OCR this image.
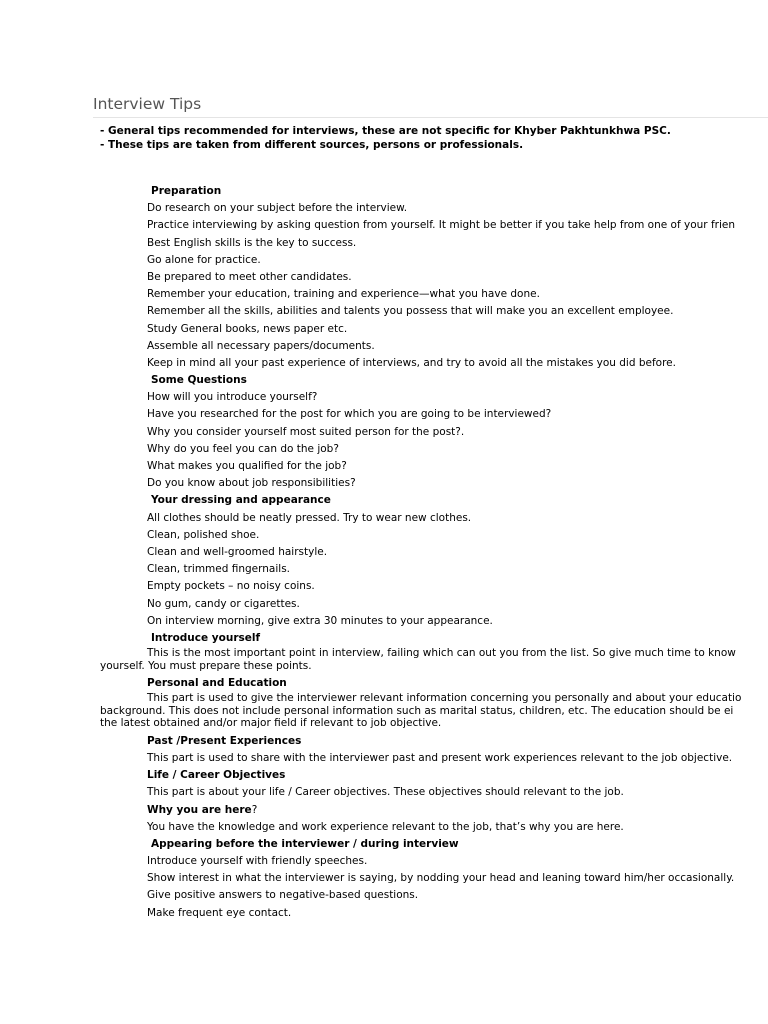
Interview Tips
- General tips recommended for interviews, these are not specific for Khyber Pakhtunkhwa PSC.
- These tips are taken from different sources, persons or professionals.
Preparation
Do research on your subject before the interview.
Practice interviewing by asking question from yourself. It might be better if you take help from one of your frien
Best English skills is the key to success.
Go alone for practice.
Be prepared to meet other candidates.
Remember your education, training and experience—what you have done.
Remember all the skills, abilities and talents you possess that will make you an excellent employee.
Study General books, news paper etc.
Assemble all necessary papers/documents.
Keep in mind all your past experience of interviews, and try to avoid all the mistakes you did before.
Some Questions
How will you introduce yourself?
Have you researched for the post for which you are going to be interviewed?
Why you consider yourself most suited person for the post?.
Why do you feel you can do the job?
What makes you qualified for the job?
Do you know about job responsibilities?
Your dressing and appearance
All clothes should be neatly pressed. Try to wear new clothes.
Clean, polished shoe.
Clean and well-groomed hairstyle.
Clean, trimmed fingernails.
Empty pockets – no noisy coins.
No gum, candy or cigarettes.
On interview morning, give extra 30 minutes to your appearance.
Introduce yourself
This is the most important point in interview, failing which can out you from the list. So give much time to know
yourself. You must prepare these points.
Personal and Education
This part is used to give the interviewer relevant information concerning you personally and about your educatio
background. This does not include personal information such as marital status, children, etc. The education should be ei
the latest obtained and/or major field if relevant to job objective.
Past /Present Experiences
This part is used to share with the interviewer past and present work experiences relevant to the job objective.
Life / Career Objectives
This part is about your life / Career objectives. These objectives should relevant to the job.
Why you are here?
You have the knowledge and work experience relevant to the job, that’s why you are here.
Appearing before the interviewer / during interview
Introduce yourself with friendly speeches.
Show interest in what the interviewer is saying, by nodding your head and leaning toward him/her occasionally.
Give positive answers to negative-based questions.
Make frequent eye contact.
